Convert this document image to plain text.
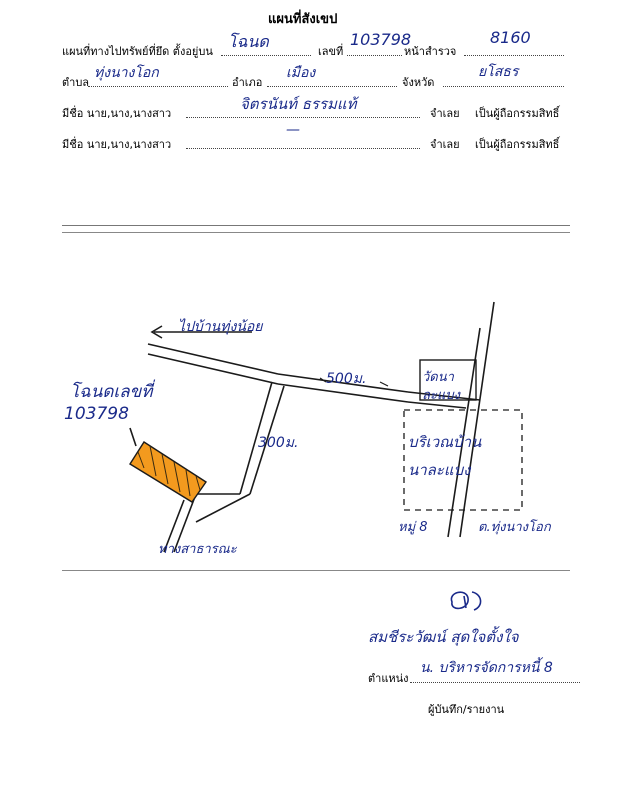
แผนที่สังเขป
แผนที่ทางไปทรัพย์ที่ยึด ตั้งอยู่บน
โฉนด
เลขที่
103798
หน้าสำรวจ
8160
ตำบล
ทุ่งนางโอก
อำเภอ
เมือง
จังหวัด
ยโสธร
มีชื่อ นาย,นาง,นางสาว
จิตรนันท์ ธรรมแท้
จำเลย เป็นผู้ถือกรรมสิทธิ์
มีชื่อ นาย,นาง,นางสาว
—
จำเลย เป็นผู้ถือกรรมสิทธิ์
ไปบ้านทุ่งน้อย
โฉนดเลขที่
103798
500ม.
300ม.
วัดนา
ละแบง
บริเวณบ้าน
นาละแบง
หมู่ 8	ต.ทุ่งนางโอก
ทางสาธารณะ
สมชีระวัฒน์ สุดใจตั้งใจ
ตำแหน่ง
น. บริหารจัดการหนี้ 8
ผู้บันทึก/รายงาน
